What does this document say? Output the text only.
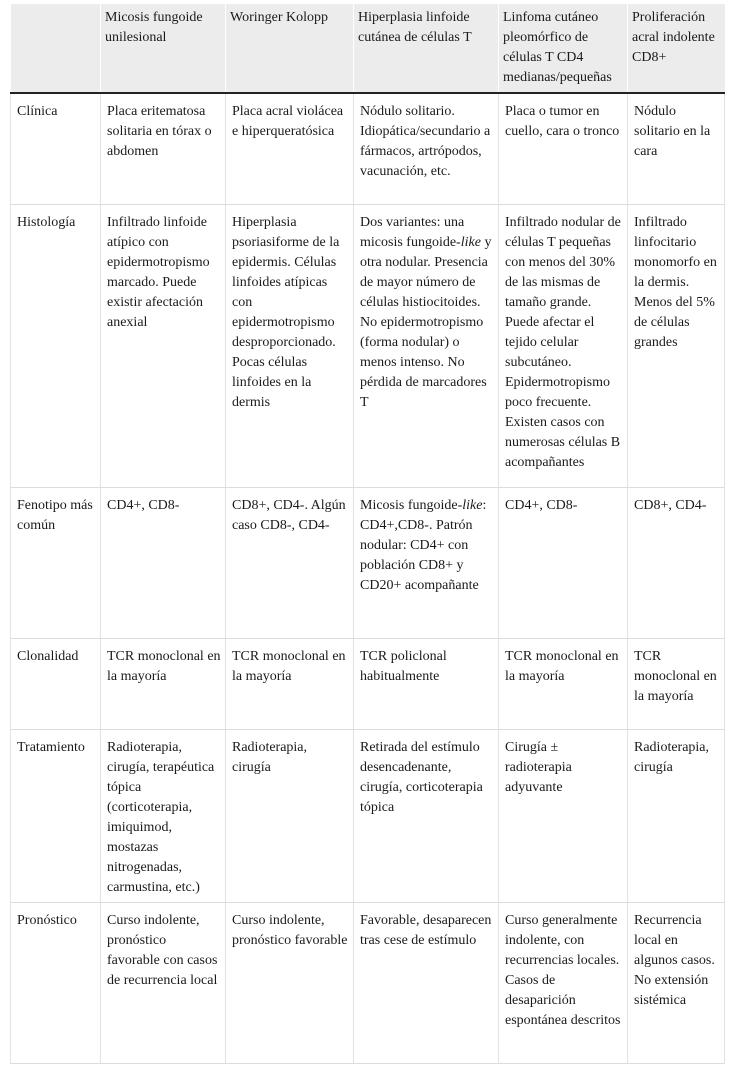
	Micosis fungoide unilesional	Woringer Kolopp	Hiperplasia linfoide cutánea de células T	Linfoma cutáneo pleomórfico de células T CD4 medianas/pequeñas	Proliferación acral indolente CD8+
Clínica	Placa eritematosa solitaria en tórax o abdomen	Placa acral violácea e hiperqueratósica	Nódulo solitario. Idiopática/secundario a fármacos, artrópodos, vacunación, etc.	Placa o tumor en cuello, cara o tronco	Nódulo solitario en la cara
Histología	Infiltrado linfoide atípico con epidermotropismo marcado. Puede existir afectación anexial	Hiperplasia psoriasiforme de la epidermis. Células linfoides atípicas con epidermotropismo desproporcionado. Pocas células linfoides en la dermis	Dos variantes: una micosis fungoide-like y otra nodular. Presencia de mayor número de células histiocitoides. No epidermotropismo (forma nodular) o menos intenso. No pérdida de marcadores T	Infiltrado nodular de células T pequeñas con menos del 30% de las mismas de tamaño grande. Puede afectar el tejido celular subcutáneo. Epidermotropismo poco frecuente. Existen casos con numerosas células B acompañantes	Infiltrado linfocitario monomorfo en la dermis. Menos del 5% de células grandes
Fenotipo más común	CD4+, CD8-	CD8+, CD4-. Algún caso CD8-, CD4-	Micosis fungoide-like: CD4+,CD8-. Patrón nodular: CD4+ con población CD8+ y CD20+ acompañante	CD4+, CD8-	CD8+, CD4-
Clonalidad	TCR monoclonal en la mayoría	TCR monoclonal en la mayoría	TCR policlonal habitualmente	TCR monoclonal en la mayoría	TCR monoclonal en la mayoría
Tratamiento	Radioterapia, cirugía, terapéutica tópica (corticoterapia, imiquimod, mostazas nitrogenadas, carmustina, etc.)	Radioterapia, cirugía	Retirada del estímulo desencadenante, cirugía, corticoterapia tópica	Cirugía ± radioterapia adyuvante	Radioterapia, cirugía
Pronóstico	Curso indolente, pronóstico favorable con casos de recurrencia local	Curso indolente, pronóstico favorable	Favorable, desaparecen tras cese de estímulo	Curso generalmente indolente, con recurrencias locales. Casos de desaparición espontánea descritos	Recurrencia local en algunos casos. No extensión sistémica
